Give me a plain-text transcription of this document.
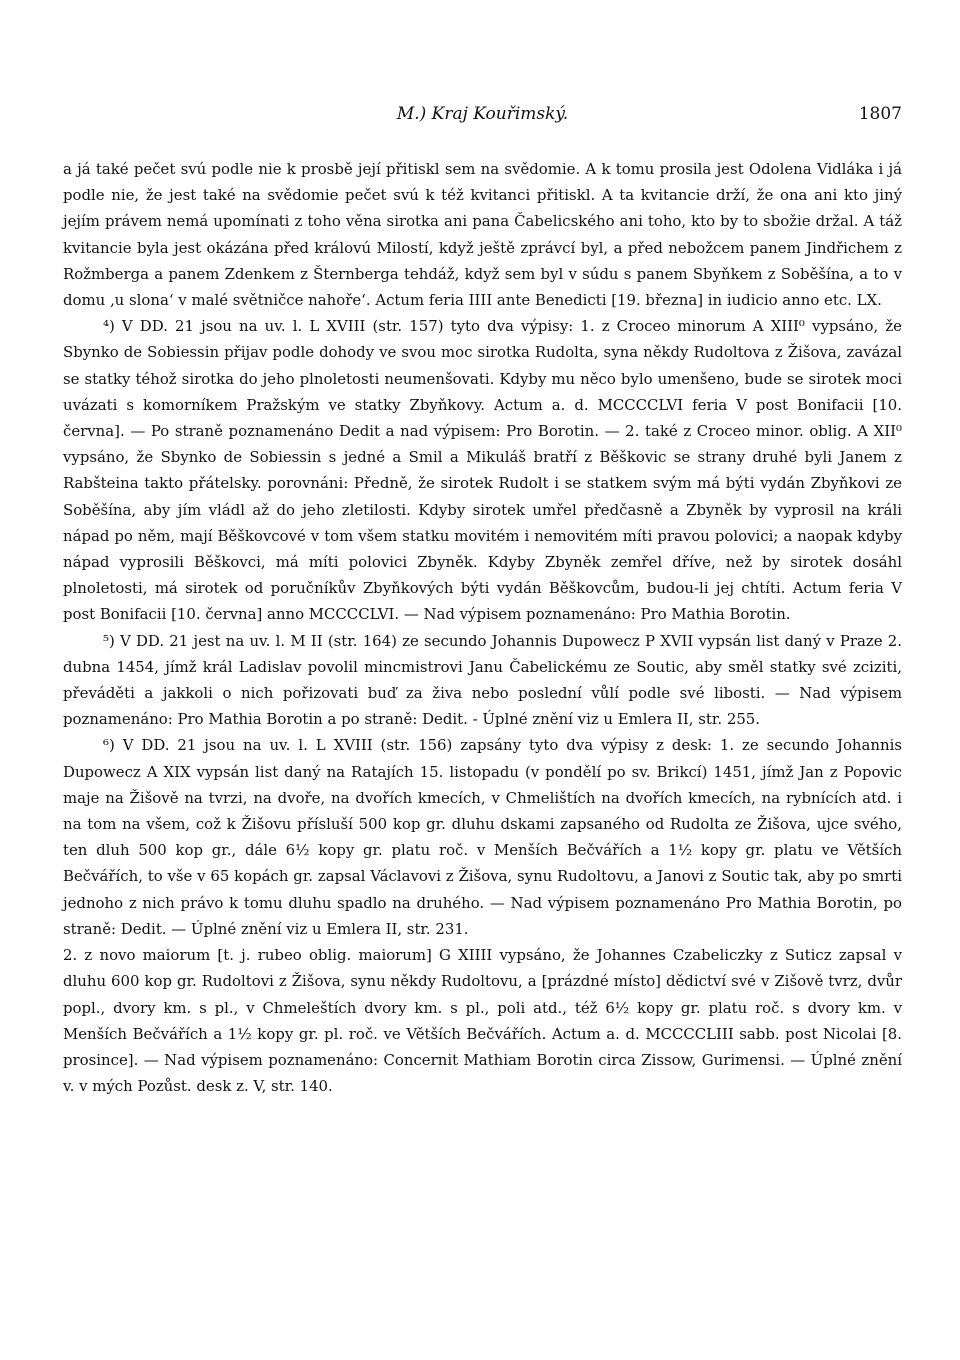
M.) Kraj Kouřimský.	1807

a já také pečet svú podle nie k prosbě její přitiskl sem na svědomie. A k tomu prosila jest Odolena Vidláka i já podle nie, že jest také na svědomie pečet svú k též kvitanci přitiskl. A ta kvitancie drží, že ona ani kto jiný jejím právem nemá upomínati z toho věna sirotka ani pana Čabelicského ani toho, kto by to sbožie držal. A táž kvitancie byla jest okázána před královú Milostí, když ještě zprávcí byl, a před nebožcem panem Jindřichem z Rožmberga a panem Zdenkem z Šternberga tehdáž, když sem byl v súdu s panem Sbyňkem z Soběšína, a to v domu ‚u slona‘ v malé světničce nahoře‘. Actum feria IIII ante Benedicti [19. března] in iudicio anno etc. LX.

⁴) V DD. 21 jsou na uv. l. L XVIII (str. 157) tyto dva výpisy: 1. z Croceo minorum A XIII⁰ vypsáno, že Sbynko de Sobiessin přijav podle dohody ve svou moc sirotka Rudolta, syna někdy Rudoltova z Žišova, zavázal se statky téhož sirotka do jeho plnoletosti neumenšovati. Kdyby mu něco bylo umenšeno, bude se sirotek moci uvázati s komorníkem Pražským ve statky Zbyňkovy. Actum a. d. MCCCCLVI feria V post Bonifacii [10. června]. — Po straně poznamenáno Dedit a nad výpisem: Pro Borotin. — 2. také z Croceo minor. oblig. A XII⁰ vypsáno, že Sbynko de Sobiessin s jedné a Smil a Mikuláš bratří z Běškovic se strany druhé byli Janem z Rabšteina takto přátelsky. porovnáni: Předně, že sirotek Rudolt i se statkem svým má býti vydán Zbyňkovi ze Soběšína, aby jím vládl až do jeho zletilosti. Kdyby sirotek umřel předčasně a Zbyněk by vyprosil na králi nápad po něm, mají Běškovcové v tom všem statku movitém i nemovitém míti pravou polovici; a naopak kdyby nápad vyprosili Běškovci, má míti polovici Zbyněk. Kdyby Zbyněk zemřel dříve, než by sirotek dosáhl plnoletosti, má sirotek od poručníkův Zbyňkových býti vydán Běškovcům, budou-li jej chtíti. Actum feria V post Bonifacii [10. června] anno MCCCCLVI. — Nad výpisem poznamenáno: Pro Mathia Borotin.

⁵) V DD. 21 jest na uv. l. M II (str. 164) ze secundo Johannis Dupowecz P XVII vypsán list daný v Praze 2. dubna 1454, jímž král Ladislav povolil mincmistrovi Janu Čabelickému ze Soutic, aby směl statky své zciziti, převáděti a jakkoli o nich pořizovati buď za živa nebo poslední vůlí podle své libosti. — Nad výpisem poznamenáno: Pro Mathia Borotin a po straně: Dedit. - Úplné znění viz u Emlera II, str. 255.

⁶) V DD. 21 jsou na uv. l. L XVIII (str. 156) zapsány tyto dva výpisy z desk: 1. ze secundo Johannis Dupowecz A XIX vypsán list daný na Ratajích 15. listopadu (v pondělí po sv. Brikcí) 1451, jímž Jan z Popovic maje na Žišově na tvrzi, na dvoře, na dvořích kmecích, v Chmelištích na dvořích kmecích, na rybnících atd. i na tom na všem, což k Žišovu přísluší 500 kop gr. dluhu dskami zapsaného od Rudolta ze Žišova, ujce svého, ten dluh 500 kop gr., dále 6½ kopy gr. platu roč. v Menších Bečvářích a 1½ kopy gr. platu ve Větších Bečvářích, to vše v 65 kopách gr. zapsal Václavovi z Žišova, synu Rudoltovu, a Janovi z Soutic tak, aby po smrti jednoho z nich právo k tomu dluhu spadlo na druhého. — Nad výpisem poznamenáno Pro Mathia Borotin, po straně: Dedit. — Úplné znění viz u Emlera II, str. 231.

2. z novo maiorum [t. j. rubeo oblig. maiorum] G XIIII vypsáno, že Johannes Czabeliczky z Suticz zapsal v dluhu 600 kop gr. Rudoltovi z Žišova, synu někdy Rudoltovu, a [prázdné místo] dědictví své v Zišově tvrz, dvůr popl., dvory km. s pl., v Chmeleštích dvory km. s pl., poli atd., též 6½ kopy gr. platu roč. s dvory km. v Menších Bečvářích a 1½ kopy gr. pl. roč. ve Větších Bečvářích. Actum a. d. MCCCCLIII sabb. post Nicolai [8. prosince]. — Nad výpisem poznamenáno: Concernit Mathiam Borotin circa Zissow, Gurimensi. — Úplné znění v. v mých Pozůst. desk z. V, str. 140.
